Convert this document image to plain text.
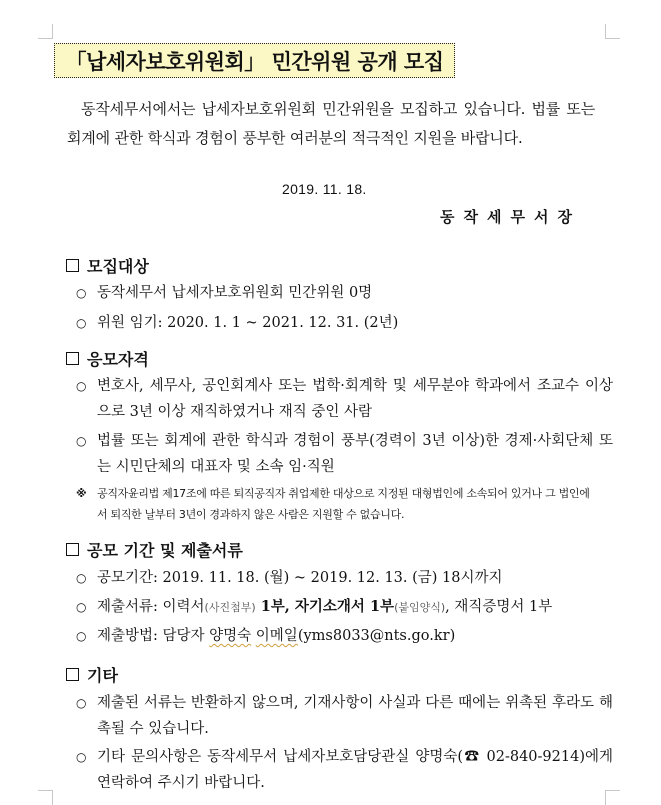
「납세자보호위원회」 민간위원 공개 모집
동작세무서에서는 납세자보호위원회 민간위원을 모집하고 있습니다. 법률 또는 회계에 관한 학식과 경험이 풍부한 여러분의 적극적인 지원을 바랍니다.
2019. 11. 18.
동작세무서장
모집대상
○ 동작세무서 납세자보호위원회 민간위원 0명
○ 위원 임기: 2020. 1. 1 ~ 2021. 12. 31. (2년)
응모자격
○ 변호사, 세무사, 공인회계사 또는 법학·회계학 및 세무분야 학과에서 조교수 이상으로 3년 이상 재직하였거나 재직 중인 사람
○ 법률 또는 회계에 관한 학식과 경험이 풍부(경력이 3년 이상)한 경제·사회단체 또는 시민단체의 대표자 및 소속 임·직원
※ 공직자윤리법 제17조에 따른 퇴직공직자 취업제한 대상으로 지정된 대형법인에 소속되어 있거나 그 법인에서 퇴직한 날부터 3년이 경과하지 않은 사람은 지원할 수 없습니다.
공모 기간 및 제출서류
○ 공모기간: 2019. 11. 18. (월) ~ 2019. 12. 13. (금) 18시까지
○ 제출서류: 이력서(사진첨부) 1부, 자기소개서 1부(붙임양식), 재직증명서 1부
○ 제출방법: 담당자 양명숙 이메일(yms8033@nts.go.kr)
기타
○ 제출된 서류는 반환하지 않으며, 기재사항이 사실과 다른 때에는 위촉된 후라도 해촉될 수 있습니다.
○ 기타 문의사항은 동작세무서 납세자보호담당관실 양명숙(☎ 02-840-9214)에게 연락하여 주시기 바랍니다.
